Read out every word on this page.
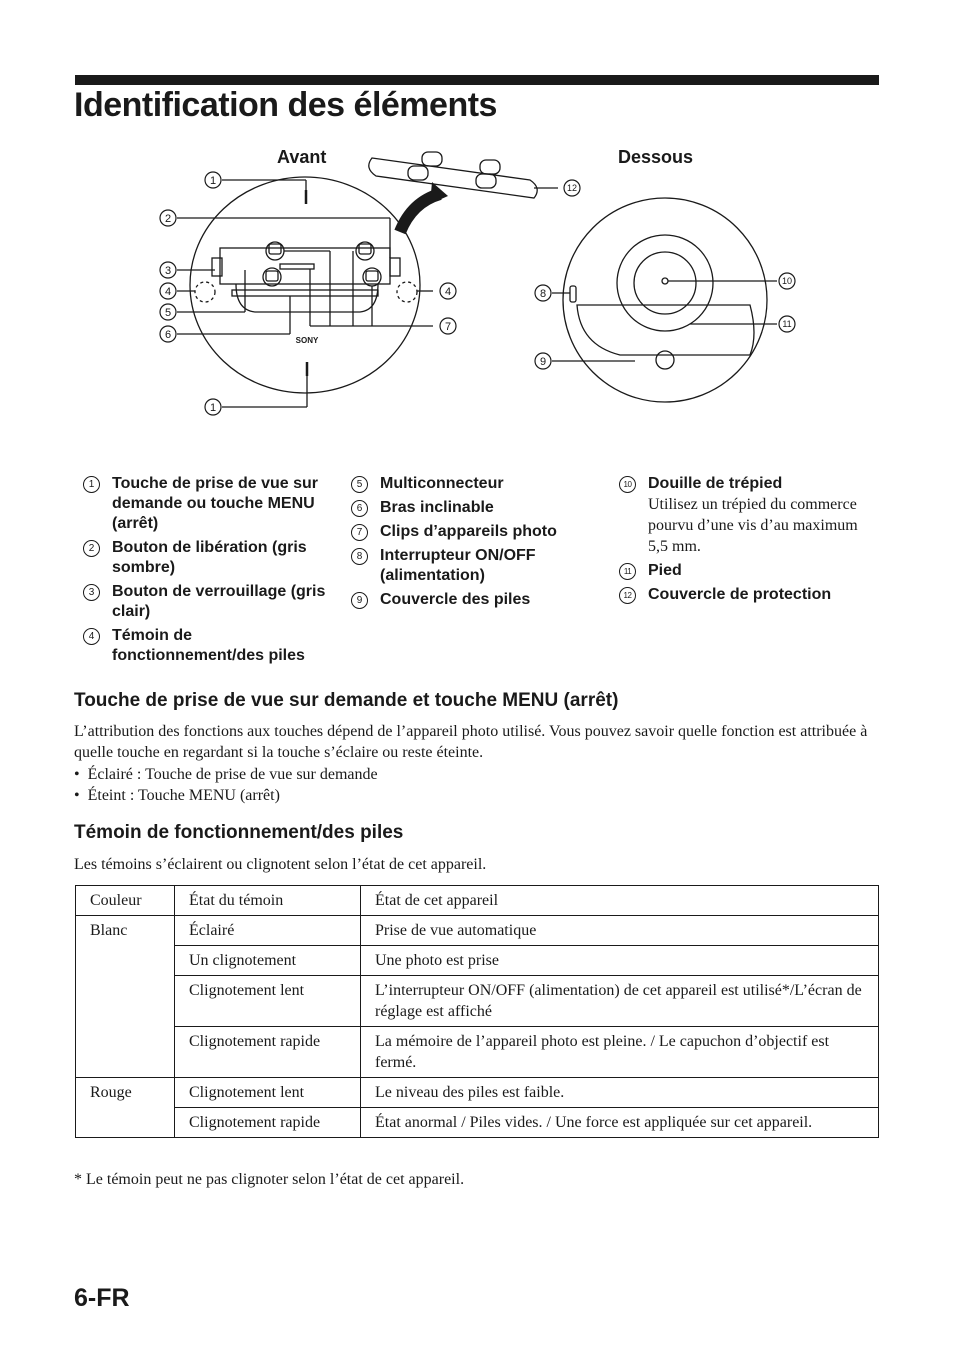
Identification des éléments
Avant	Dessous
SONY
1
2
3
4	4
5
6
7
8
9
10
11
12
1
1	Touche de prise de vue sur demande ou touche MENU (arrêt)
2	Bouton de libération (gris sombre)
3	Bouton de verrouillage (gris clair)
4	Témoin de fonctionnement/des piles
5	Multiconnecteur
6	Bras inclinable
7	Clips d’appareils photo
8	Interrupteur ON/OFF (alimentation)
9	Couvercle des piles
10 Douille de trépied
Utilisez un trépied du commerce pourvu d’une vis d’au maximum 5,5 mm.
11	Pied
12 Couvercle de protection
Touche de prise de vue sur demande et touche MENU (arrêt)
L’attribution des fonctions aux touches dépend de l’appareil photo utilisé. Vous pouvez savoir quelle fonction est attribuée à quelle touche en regardant si la touche s’éclaire ou reste éteinte.
•  Éclairé : Touche de prise de vue sur demande
•  Éteint : Touche MENU (arrêt)
Témoin de fonctionnement/des piles
Les témoins s’éclairent ou clignotent selon l’état de cet appareil.
Couleur	État du témoin	État de cet appareil
Blanc	Éclairé	Prise de vue automatique
	Un clignotement	Une photo est prise
	Clignotement lent	L’interrupteur ON/OFF (alimentation) de cet appareil est utilisé*/L’écran de réglage est affiché
	Clignotement rapide	La mémoire de l’appareil photo est pleine. / Le capuchon d’objectif est fermé.
Rouge	Clignotement lent	Le niveau des piles est faible.
	Clignotement rapide	État anormal / Piles vides. / Une force est appliquée sur cet appareil.
* Le témoin peut ne pas clignoter selon l’état de cet appareil.
6-FR
